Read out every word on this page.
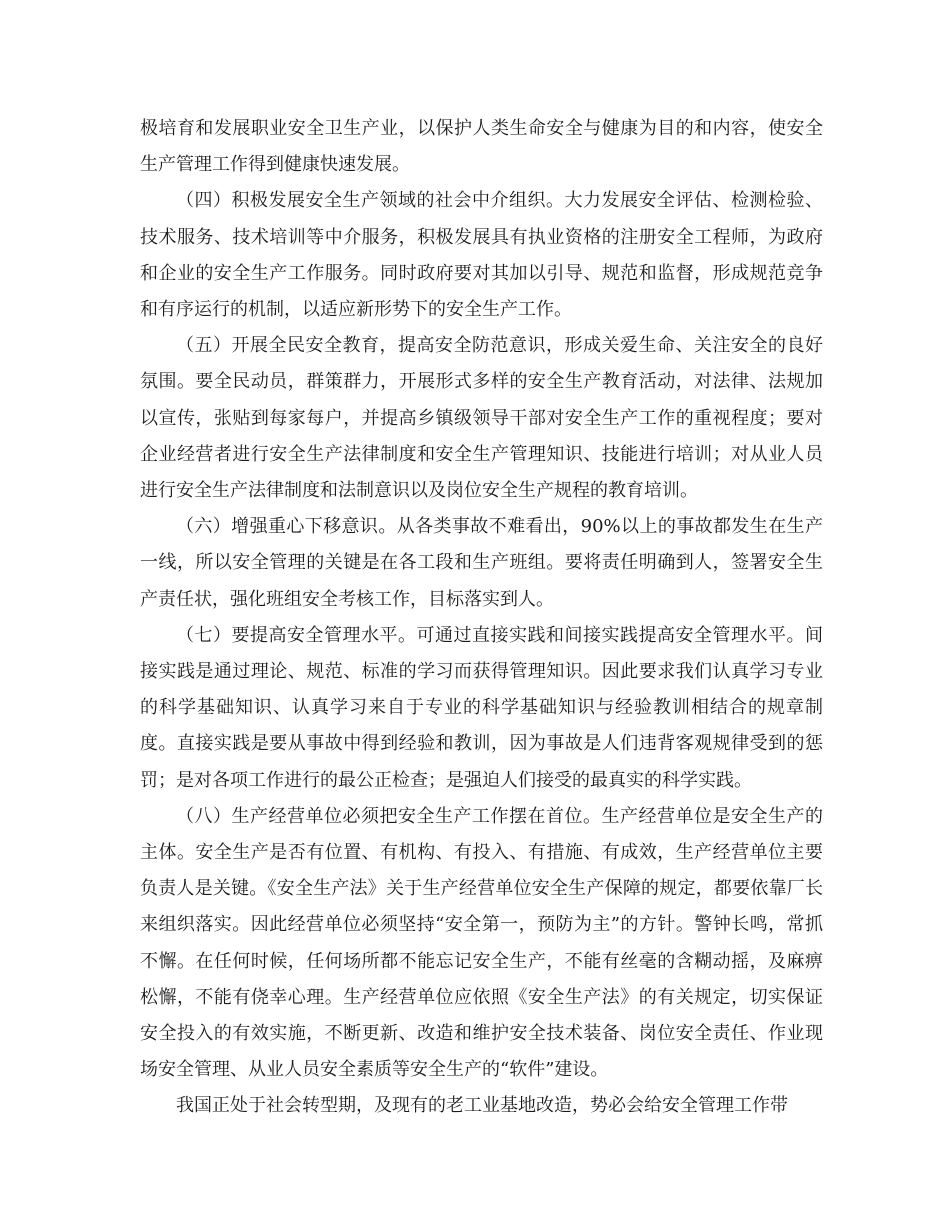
极培育和发展职业安全卫生产业，以保护人类生命安全与健康为目的和内容，使安全生产管理工作得到健康快速发展。

（四）积极发展安全生产领域的社会中介组织。大力发展安全评估、检测检验、技术服务、技术培训等中介服务，积极发展具有执业资格的注册安全工程师，为政府和企业的安全生产工作服务。同时政府要对其加以引导、规范和监督，形成规范竞争和有序运行的机制，以适应新形势下的安全生产工作。

（五）开展全民安全教育，提高安全防范意识，形成关爱生命、关注安全的良好氛围。要全民动员，群策群力，开展形式多样的安全生产教育活动，对法律、法规加以宣传，张贴到每家每户，并提高乡镇级领导干部对安全生产工作的重视程度；要对企业经营者进行安全生产法律制度和安全生产管理知识、技能进行培训；对从业人员进行安全生产法律制度和法制意识以及岗位安全生产规程的教育培训。

（六）增强重心下移意识。从各类事故不难看出，90%以上的事故都发生在生产一线，所以安全管理的关键是在各工段和生产班组。要将责任明确到人，签署安全生产责任状，强化班组安全考核工作，目标落实到人。

（七）要提高安全管理水平。可通过直接实践和间接实践提高安全管理水平。间接实践是通过理论、规范、标准的学习而获得管理知识。因此要求我们认真学习专业的科学基础知识、认真学习来自于专业的科学基础知识与经验教训相结合的规章制度。直接实践是要从事故中得到经验和教训，因为事故是人们违背客观规律受到的惩罚；是对各项工作进行的最公正检查；是强迫人们接受的最真实的科学实践。

（八）生产经营单位必须把安全生产工作摆在首位。生产经营单位是安全生产的主体。安全生产是否有位置、有机构、有投入、有措施、有成效，生产经营单位主要负责人是关键。《安全生产法》关于生产经营单位安全生产保障的规定，都要依靠厂长来组织落实。因此经营单位必须坚持“安全第一，预防为主”的方针。警钟长鸣，常抓不懈。在任何时候，任何场所都不能忘记安全生产，不能有丝毫的含糊动摇，及麻痹松懈，不能有侥幸心理。生产经营单位应依照《安全生产法》的有关规定，切实保证安全投入的有效实施，不断更新、改造和维护安全技术装备、岗位安全责任、作业现场安全管理、从业人员安全素质等安全生产的“软件”建设。

我国正处于社会转型期，及现有的老工业基地改造，势必会给安全管理工作带
